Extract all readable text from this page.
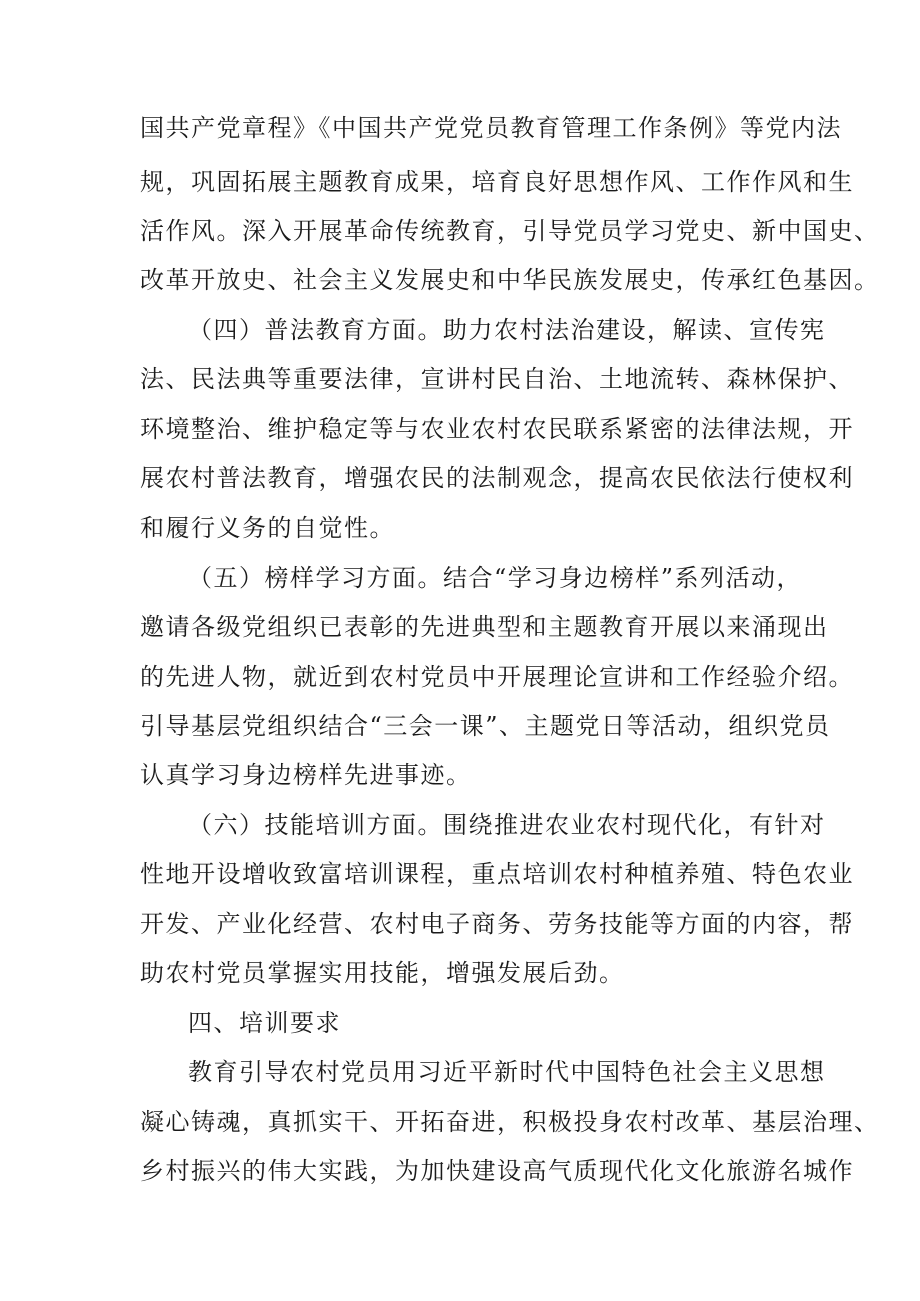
国共产党章程》《中国共产党党员教育管理工作条例》等党内法
规，巩固拓展主题教育成果，培育良好思想作风、工作作风和生
活作风。深入开展革命传统教育，引导党员学习党史、新中国史、
改革开放史、社会主义发展史和中华民族发展史，传承红色基因。
（四）普法教育方面。助力农村法治建设，解读、宣传宪
法、民法典等重要法律，宣讲村民自治、土地流转、森林保护、
环境整治、维护稳定等与农业农村农民联系紧密的法律法规，开
展农村普法教育，增强农民的法制观念，提高农民依法行使权利
和履行义务的自觉性。
（五）榜样学习方面。结合“学习身边榜样”系列活动，
邀请各级党组织已表彰的先进典型和主题教育开展以来涌现出
的先进人物，就近到农村党员中开展理论宣讲和工作经验介绍。
引导基层党组织结合“三会一课”、主题党日等活动，组织党员
认真学习身边榜样先进事迹。
（六）技能培训方面。围绕推进农业农村现代化，有针对
性地开设增收致富培训课程，重点培训农村种植养殖、特色农业
开发、产业化经营、农村电子商务、劳务技能等方面的内容，帮
助农村党员掌握实用技能，增强发展后劲。
四、培训要求
教育引导农村党员用习近平新时代中国特色社会主义思想
凝心铸魂，真抓实干、开拓奋进，积极投身农村改革、基层治理、
乡村振兴的伟大实践，为加快建设高气质现代化文化旅游名城作
